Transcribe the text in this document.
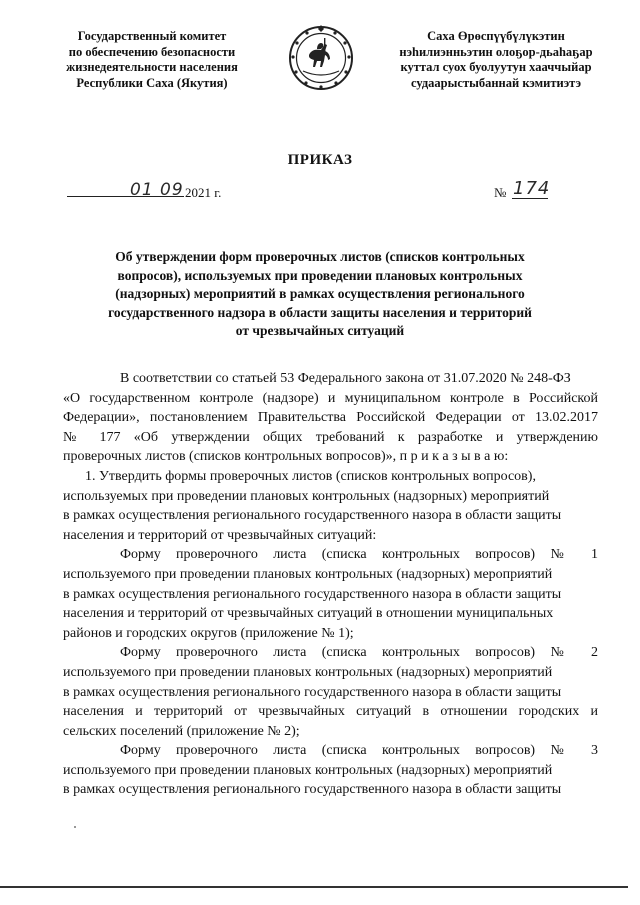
Государственный комитет
по обеспечению безопасности
жизнедеятельности населения
Республики Саха (Якутия)
Саха Өрөспүүбүлүкэтин
нэһилиэнньэтин олоҕор-дьаһаҕар
куттал суох буолуутун хааччыйар
судаарыстыбаннай кэмитиэтэ
ПРИКАЗ
01 09 2021 г.	№ 174
Об утверждении форм проверочных листов (списков контрольных
вопросов), используемых при проведении плановых контрольных
(надзорных) мероприятий в рамках осуществления регионального
государственного надзора в области защиты населения и территорий
от чрезвычайных ситуаций
В соответствии со статьей 53 Федерального закона от 31.07.2020 № 248-ФЗ
«О государственном контроле (надзоре) и муниципальном контроле в Российской
Федерации», постановлением Правительства Российской Федерации от 13.02.2017
№ 177 «Об утверждении общих требований к разработке и утверждению
проверочных листов (списков контрольных вопросов)», п р и к а з ы в а ю:
1. Утвердить формы проверочных листов (списков контрольных вопросов),
используемых при проведении плановых контрольных (надзорных) мероприятий
в рамках осуществления регионального государственного назора в области защиты
населения и территорий от чрезвычайных ситуаций:
Форму проверочного листа (списка контрольных вопросов) № 1
используемого при проведении плановых контрольных (надзорных) мероприятий
в рамках осуществления регионального государственного назора в области защиты
населения и территорий от чрезвычайных ситуаций в отношении муниципальных
районов и городских округов (приложение № 1);
Форму проверочного листа (списка контрольных вопросов) № 2
используемого при проведении плановых контрольных (надзорных) мероприятий
в рамках осуществления регионального государственного назора в области защиты
населения и территорий от чрезвычайных ситуаций в отношении городских и
сельских поселений (приложение № 2);
Форму проверочного листа (списка контрольных вопросов) № 3
используемого при проведении плановых контрольных (надзорных) мероприятий
в рамках осуществления регионального государственного назора в области защиты
